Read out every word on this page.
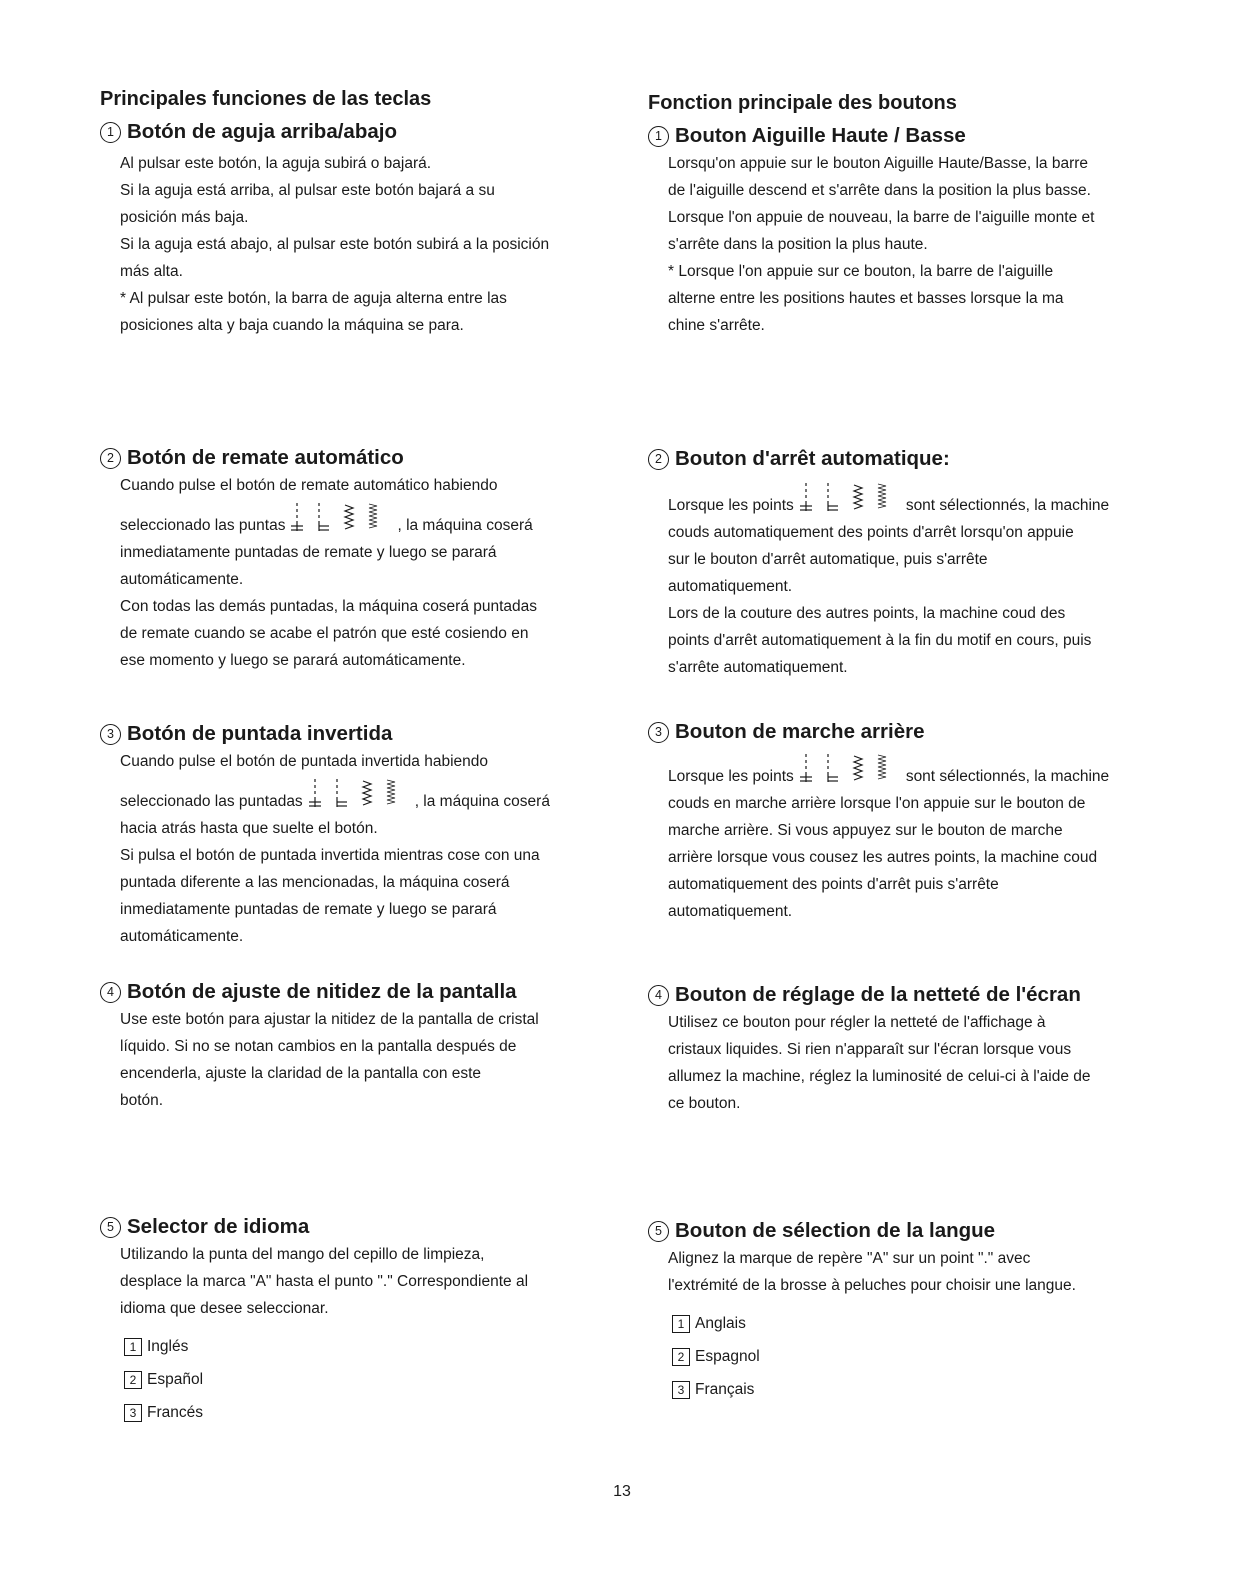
Principales funciones de las teclas
1 Botón de aguja arriba/abajo

Al pulsar este botón, la aguja subirá o bajará.

Si la aguja está arriba, al pulsar este botón bajará a su

posición más baja.

Si la aguja está abajo, al pulsar este botón subirá a la posición

más alta.

* Al pulsar este botón, la barra de aguja alterna entre las

posiciones alta y baja cuando la máquina se para.

2 Botón de remate automático

Cuando pulse el botón de remate automático habiendo

seleccionado las puntas	, la máquina coserá

inmediatamente puntadas de remate y luego se parará

automáticamente.

Con todas las demás puntadas, la máquina coserá puntadas

de remate cuando se acabe el patrón que esté cosiendo en

ese momento y luego se parará automáticamente.

3 Botón de puntada invertida

Cuando pulse el botón de puntada invertida habiendo

seleccionado las puntadas	, la máquina coserá

hacia atrás hasta que suelte el botón.

Si pulsa el botón de puntada invertida mientras cose con una

puntada diferente a las mencionadas, la máquina coserá

inmediatamente puntadas de remate y luego se parará

automáticamente.

4 Botón de ajuste de nitidez de la pantalla

Use este botón para ajustar la nitidez de la pantalla de cristal

líquido. Si no se notan cambios en la pantalla después de

encenderla, ajuste la claridad de la pantalla con este

botón.

5 Selector de idioma

Utilizando la punta del mango del cepillo de limpieza,

desplace la marca "A" hasta el punto "." Correspondiente al

idioma que desee seleccionar.

1 Inglés
2 Español
3 Francés
Fonction principale des boutons
1 Bouton Aiguille Haute / Basse

Lorsqu'on appuie sur le bouton Aiguille Haute/Basse, la barre

de l'aiguille descend et s'arrête dans la position la plus basse.

Lorsque l'on appuie de nouveau, la barre de l'aiguille monte et

s'arrête dans la position la plus haute.

* Lorsque l'on appuie sur ce bouton, la barre de l'aiguille

alterne entre les positions hautes et basses lorsque la ma

chine s'arrête.

2 Bouton d'arrêt automatique:
Lorsque les points	sont sélectionnés, la machine

couds automatiquement des points d'arrêt lorsqu'on appuie

sur le bouton d'arrêt automatique, puis s'arrête

automatiquement.

Lors de la couture des autres points, la machine coud des

points d'arrêt automatiquement à la fin du motif en cours, puis

s'arrête automatiquement.

3 Bouton de marche arrière
Lorsque les points	sont sélectionnés, la machine

couds en marche arrière lorsque l'on appuie sur le bouton de

marche arrière. Si vous appuyez sur le bouton de marche

arrière lorsque vous cousez les autres points, la machine coud

automatiquement des points d'arrêt puis s'arrête

automatiquement.

4 Bouton de réglage de la netteté de l'écran

Utilisez ce bouton pour régler la netteté de l'affichage à

cristaux liquides. Si rien n'apparaît sur l'écran lorsque vous

allumez la machine, réglez la luminosité de celui-ci à l'aide de

ce bouton.

5 Bouton de sélection de la langue

Alignez la marque de repère "A" sur un point "." avec

l'extrémité de la brosse à peluches pour choisir une langue.

1 Anglais
2 Espagnol
3 Français
13
